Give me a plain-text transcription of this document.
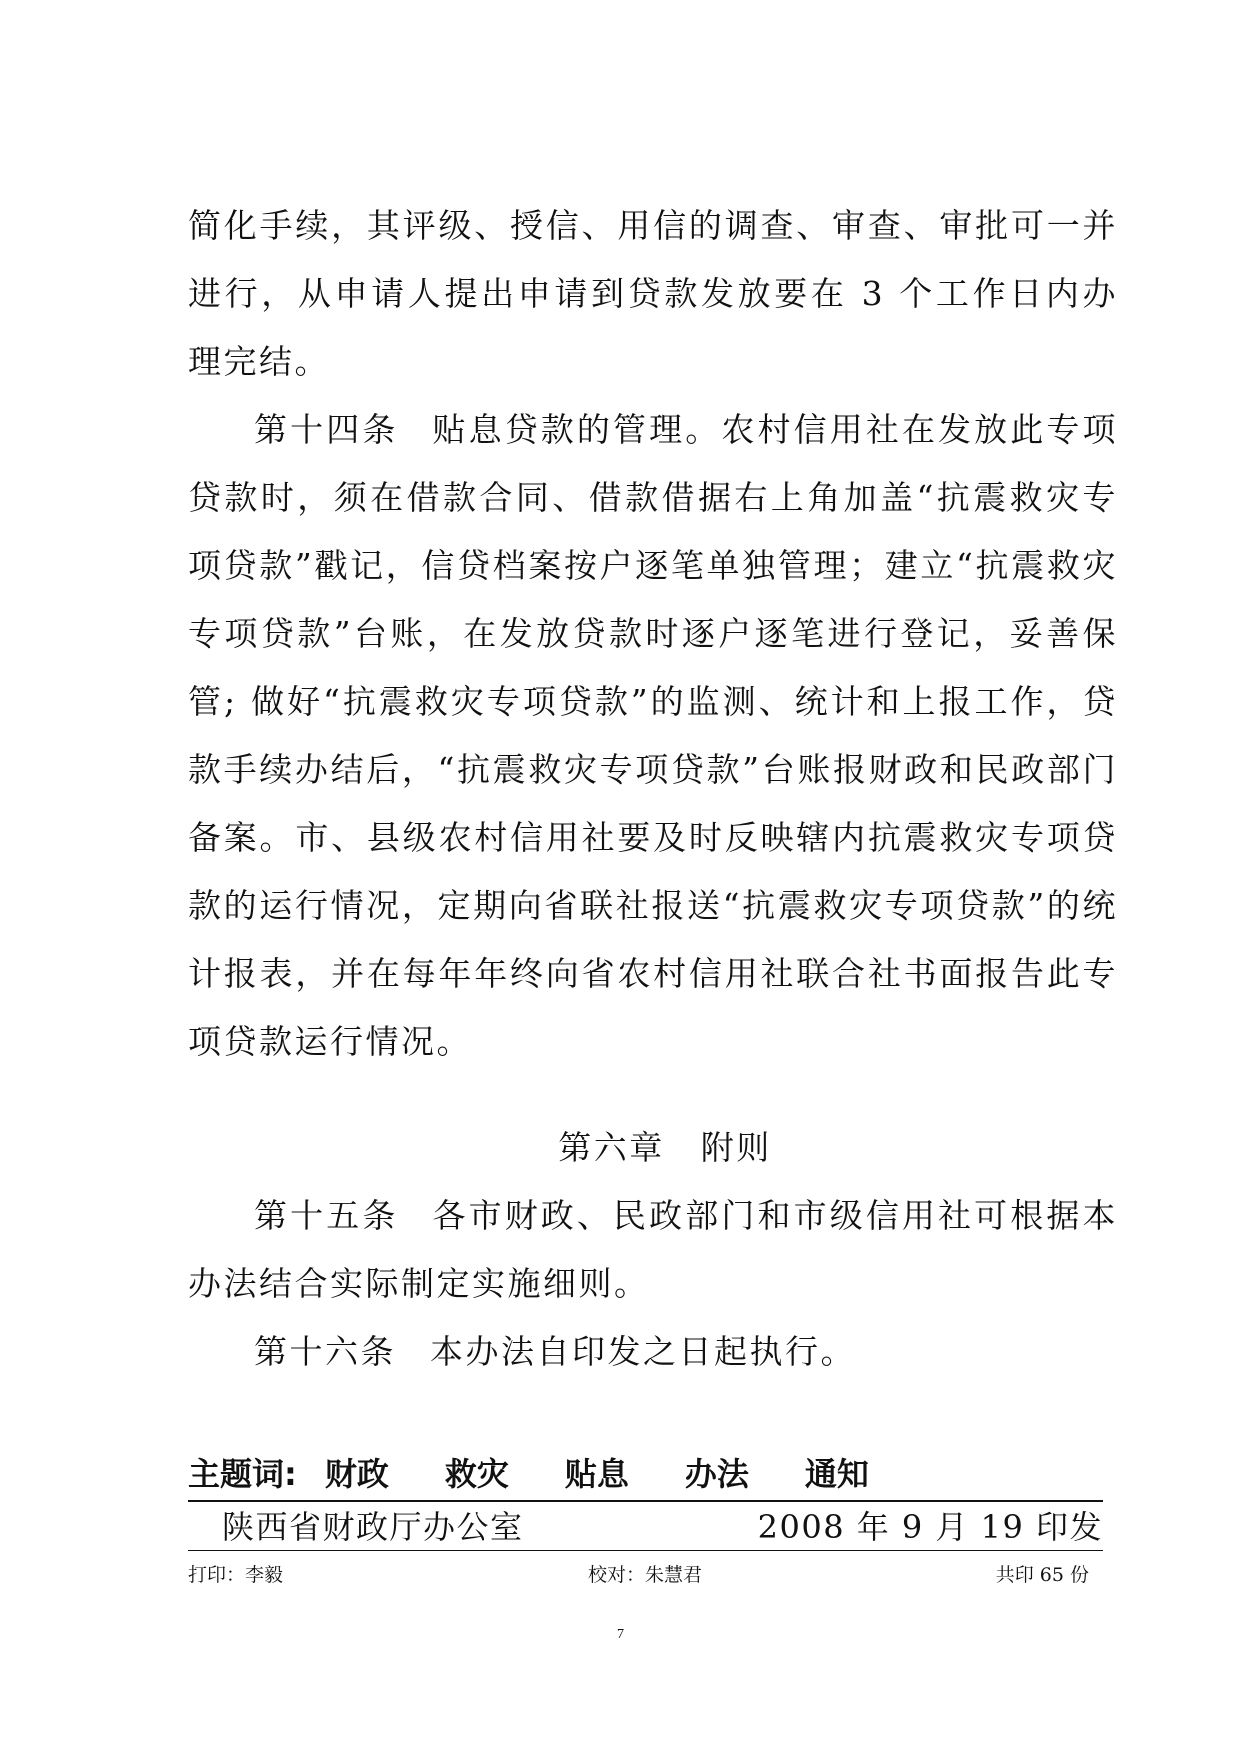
简化手续，其评级、授信、用信的调查、审查、审批可一并进行，从申请人提出申请到贷款发放要在 3 个工作日内办理完结。

第十四条 贴息贷款的管理。农村信用社在发放此专项贷款时，须在借款合同、借款借据右上角加盖“抗震救灾专项贷款”戳记，信贷档案按户逐笔单独管理；建立“抗震救灾专项贷款”台账，在发放贷款时逐户逐笔进行登记，妥善保管; 做好“抗震救灾专项贷款”的监测、统计和上报工作，贷款手续办结后，“抗震救灾专项贷款”台账报财政和民政部门备案。市、县级农村信用社要及时反映辖内抗震救灾专项贷款的运行情况，定期向省联社报送“抗震救灾专项贷款”的统计报表，并在每年年终向省农村信用社联合社书面报告此专项贷款运行情况。

第六章 附则

第十五条 各市财政、民政部门和市级信用社可根据本办法结合实际制定实施细则。

第十六条 本办法自印发之日起执行。

主题词: 财政 救灾 贴息 办法 通知
陕西省财政厅办公室	2008 年 9 月 19 印发
打印：李毅	校对：朱慧君	共印 65 份
7
